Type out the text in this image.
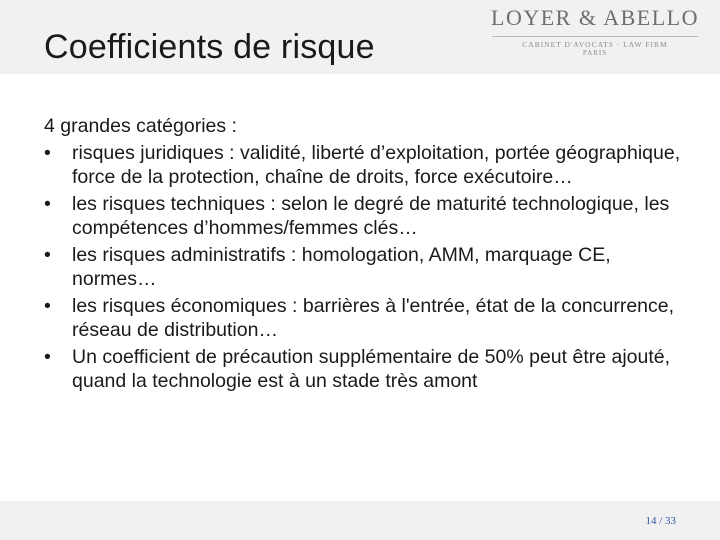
Coefficients de risque
LOYER & ABELLO
CABINET D'AVOCATS · LAW FIRM
PARIS
4 grandes catégories :
•	risques juridiques : validité, liberté d’exploitation, portée géographique, force de la protection, chaîne de droits, force exécutoire…
•	les risques techniques : selon le degré de maturité technologique, les compétences d’hommes/femmes clés…
•	les risques administratifs : homologation, AMM, marquage CE, normes…
•	les risques économiques : barrières à l'entrée, état de la concurrence, réseau de distribution…
•	Un coefficient de précaution supplémentaire de 50% peut être ajouté, quand la technologie est à un stade très amont
14 / 33
